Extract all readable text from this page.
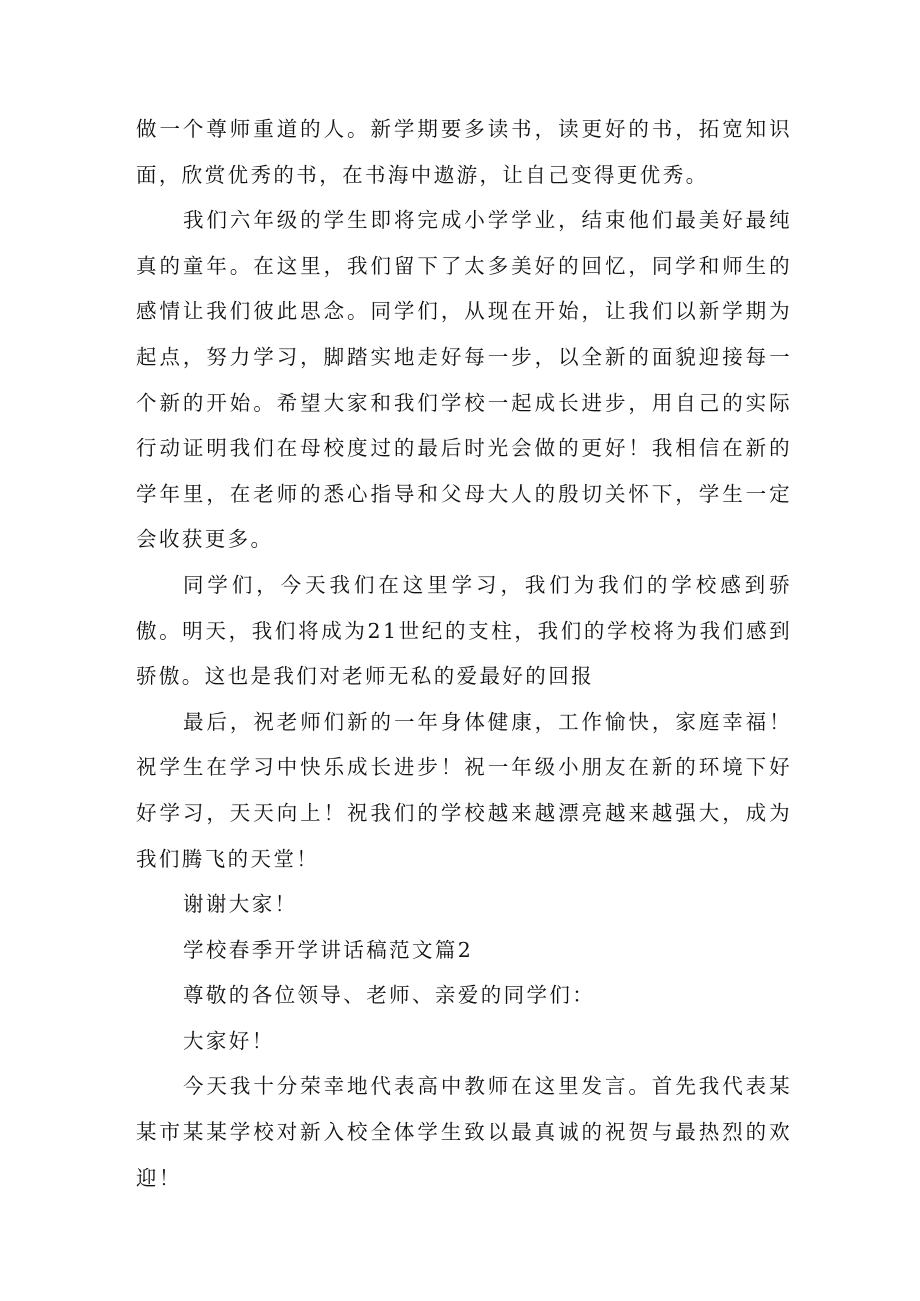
做一个尊师重道的人。新学期要多读书，读更好的书，拓宽知识面，欣赏优秀的书，在书海中遨游，让自己变得更优秀。

我们六年级的学生即将完成小学学业，结束他们最美好最纯真的童年。在这里，我们留下了太多美好的回忆，同学和师生的感情让我们彼此思念。同学们，从现在开始，让我们以新学期为起点，努力学习，脚踏实地走好每一步，以全新的面貌迎接每一个新的开始。希望大家和我们学校一起成长进步，用自己的实际行动证明我们在母校度过的最后时光会做的更好！我相信在新的学年里，在老师的悉心指导和父母大人的殷切关怀下，学生一定会收获更多。

同学们，今天我们在这里学习，我们为我们的学校感到骄傲。明天，我们将成为21世纪的支柱，我们的学校将为我们感到骄傲。这也是我们对老师无私的爱最好的回报

最后，祝老师们新的一年身体健康，工作愉快，家庭幸福！祝学生在学习中快乐成长进步！祝一年级小朋友在新的环境下好好学习，天天向上！祝我们的学校越来越漂亮越来越强大，成为我们腾飞的天堂！

谢谢大家！

学校春季开学讲话稿范文篇2

尊敬的各位领导、老师、亲爱的同学们：

大家好！

今天我十分荣幸地代表高中教师在这里发言。首先我代表某某市某某学校对新入校全体学生致以最真诚的祝贺与最热烈的欢迎！
